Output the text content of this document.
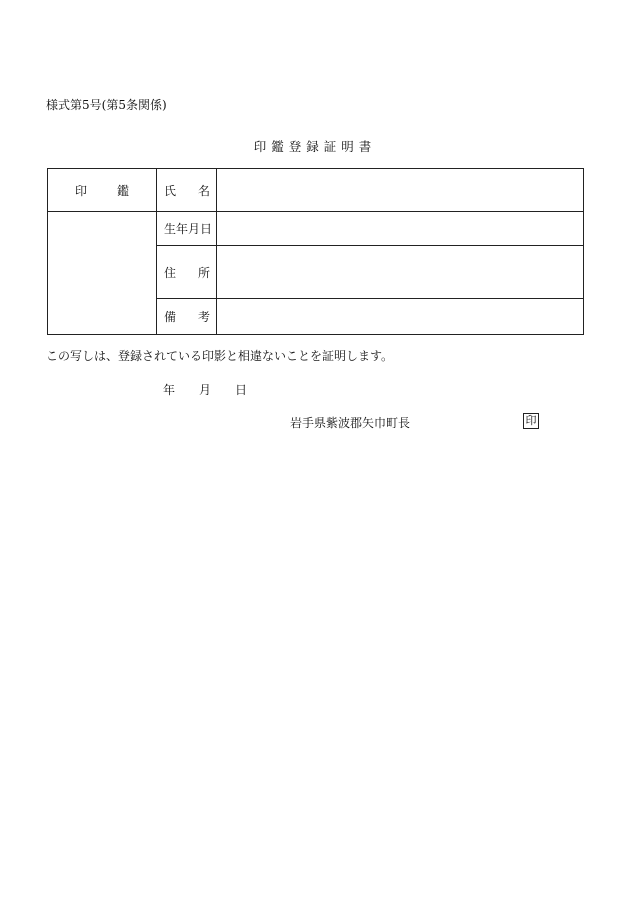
様式第5号(第5条関係)
印鑑登録証明書
印 鑑	氏 名	

	生年月日	

	住 所	

	備 考	

この写しは、登録されている印影と相違ないことを証明します。
年 月 日
岩手県紫波郡矢巾町長	印
